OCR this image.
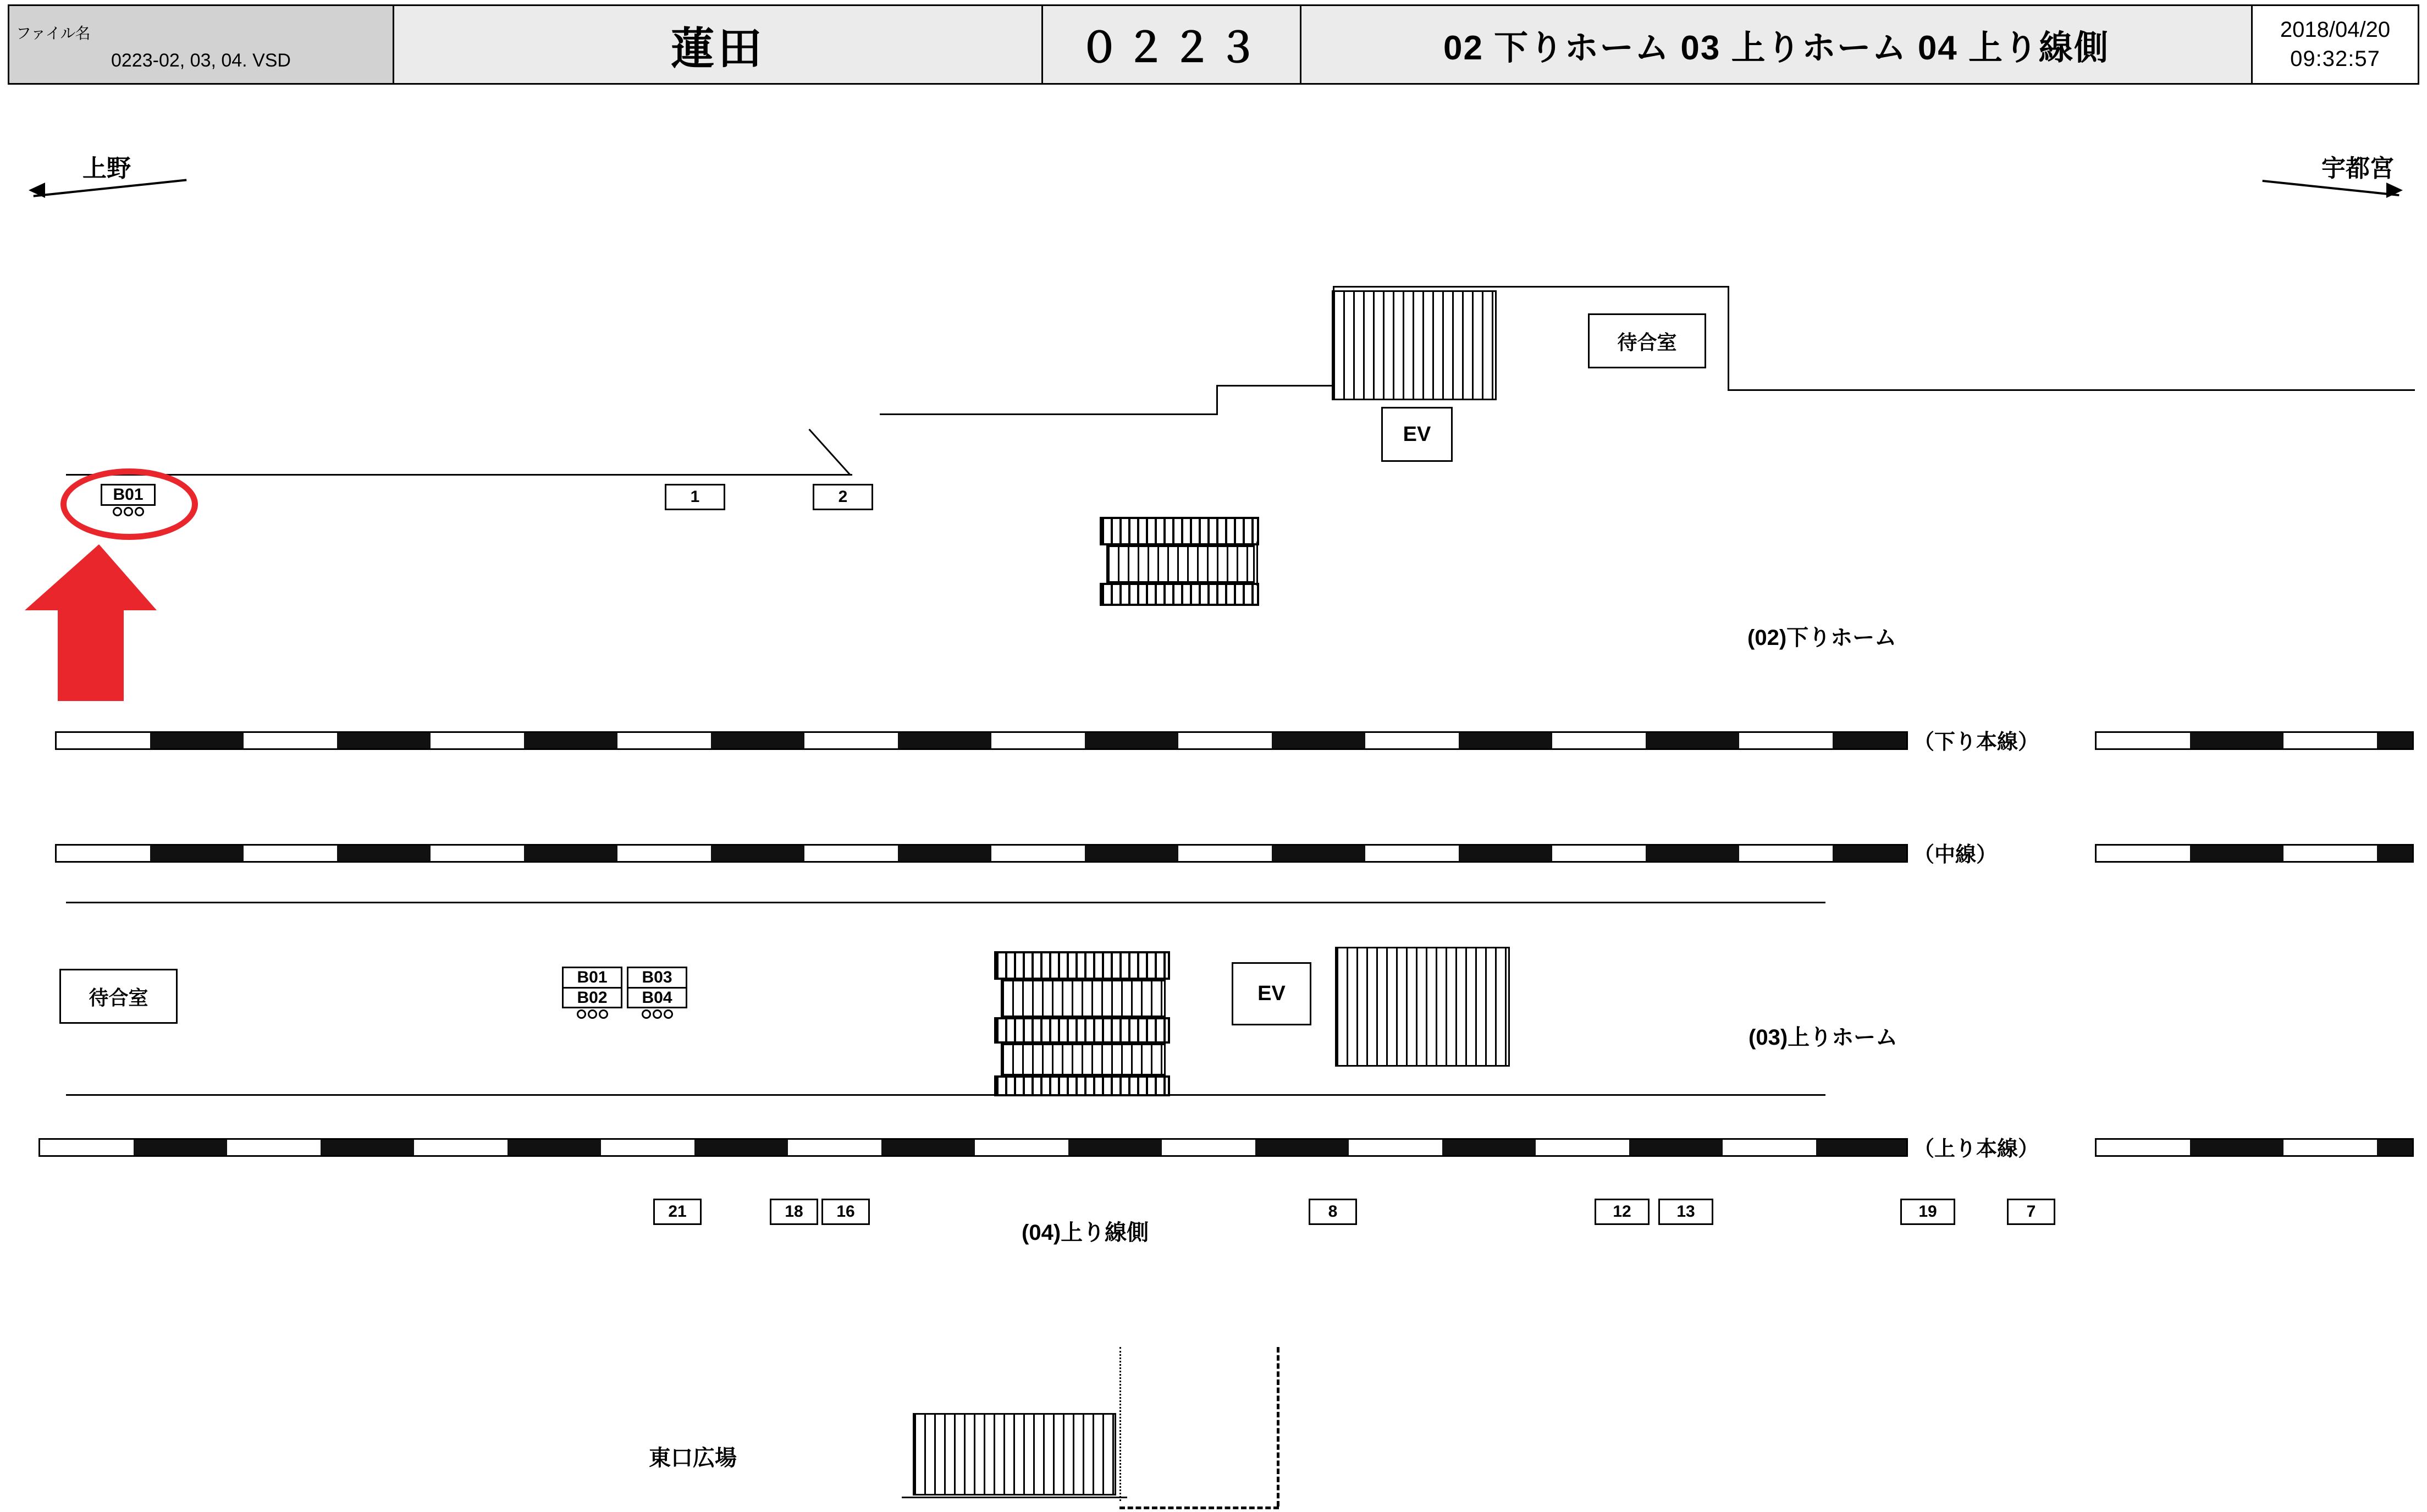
ファイル名
0223-02, 03, 04. VSD	蓮田	０２２３	02 下りホーム 03 上りホーム 04 上り線側	2018/04/20
09:32:57
上野	宇都宮
EV
待合室
1	2
B01
(02)下りホーム
（下り本線）
（中線）
待合室
B01
B02
B03
B04	EV
(03)上りホーム
（上り本線）
21	18 16	8	12	13	19	7
(04)上り線側
東口広場
